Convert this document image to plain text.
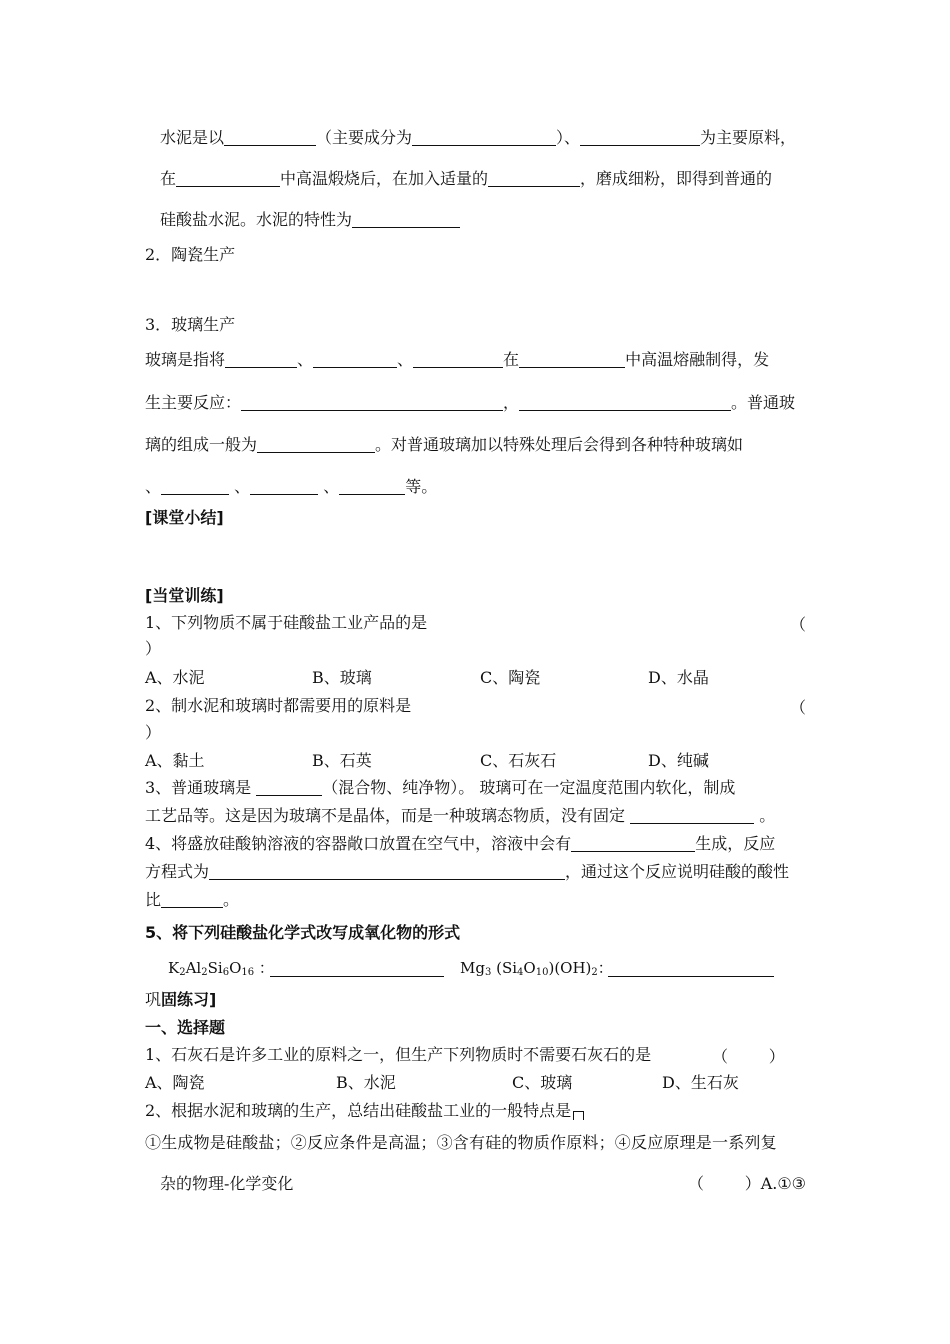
水泥是以	（主要成分为	）、	为主要原料，
在	中高温煅烧后，在加入适量的	，磨成细粉，即得到普通的
硅酸盐水泥。水泥的特性为
2．陶瓷生产
3．玻璃生产
玻璃是指将	、	、	在	中高温熔融制得，发
生主要反应：	，	。普通玻
璃的组成一般为	。对普通玻璃加以特殊处理后会得到各种特种玻璃如
、	、	、	等。
[课堂小结]
[当堂训练]
1、下列物质不属于硅酸盐工业产品的是	（
）
A、水泥	B、玻璃	C、陶瓷	D、水晶
2、制水泥和玻璃时都需要用的原料是	（
）
A、黏土	B、石英	C、石灰石	D、纯碱
3、普通玻璃是	（混合物、纯净物）。 玻璃可在一定温度范围内软化，制成
工艺品等。这是因为玻璃不是晶体，而是一种玻璃态物质，没有固定	。
4、将盛放硅酸钠溶液的容器敞口放置在空气中，溶液中会有	生成，反应
方程式为	，通过这个反应说明硅酸的酸性
比	。
5、将下列硅酸盐化学式改写成氧化物的形式
$K_2Al_2Si_6O_{16}$ ：	$Mg_3$ $(Si_4O_{10})(OH)_2$：
巩固练习]
一、选择题
1、石灰石是许多工业的原料之一，但生产下列物质时不需要石灰石的是	（        ）
A、陶瓷	B、水泥	C、玻璃	D、生石灰
2、根据水泥和玻璃的生产，总结出硅酸盐工业的一般特点是
①生成物是硅酸盐；②反应条件是高温；③含有硅的物质作原料；④反应原理是一系列复
杂的物理-化学变化	（        ）A.①③
